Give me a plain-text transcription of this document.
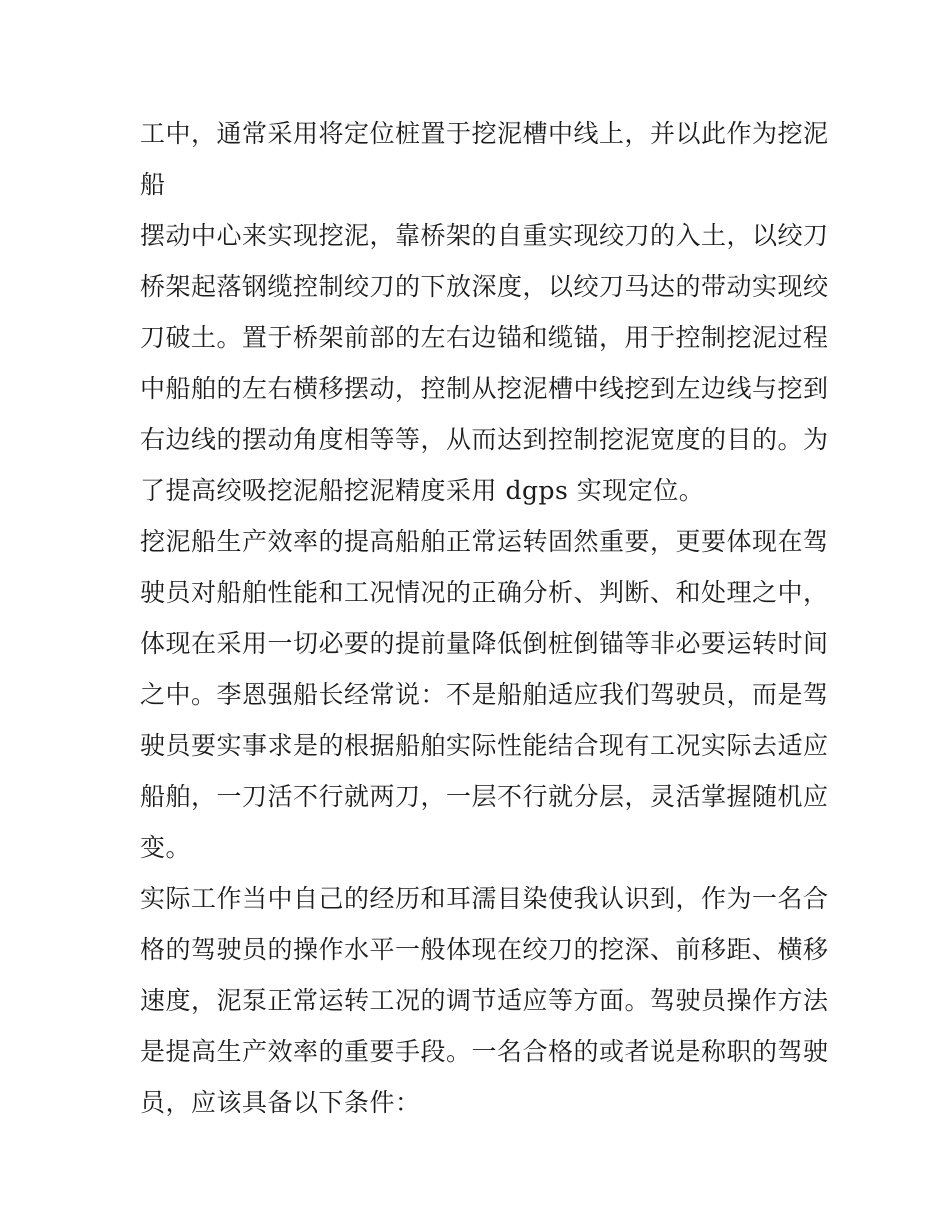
工中，通常采用将定位桩置于挖泥槽中线上，并以此作为挖泥
船
摆动中心来实现挖泥，靠桥架的自重实现绞刀的入土，以绞刀
桥架起落钢缆控制绞刀的下放深度，以绞刀马达的带动实现绞
刀破土。置于桥架前部的左右边锚和缆锚，用于控制挖泥过程
中船舶的左右横移摆动，控制从挖泥槽中线挖到左边线与挖到
右边线的摆动角度相等等，从而达到控制挖泥宽度的目的。为
了提高绞吸挖泥船挖泥精度采用 dgps 实现定位。
挖泥船生产效率的提高船舶正常运转固然重要，更要体现在驾
驶员对船舶性能和工况情况的正确分析、判断、和处理之中，
体现在采用一切必要的提前量降低倒桩倒锚等非必要运转时间
之中。李恩强船长经常说：不是船舶适应我们驾驶员，而是驾
驶员要实事求是的根据船舶实际性能结合现有工况实际去适应
船舶，一刀活不行就两刀，一层不行就分层，灵活掌握随机应
变。
实际工作当中自己的经历和耳濡目染使我认识到，作为一名合
格的驾驶员的操作水平一般体现在绞刀的挖深、前移距、横移
速度，泥泵正常运转工况的调节适应等方面。驾驶员操作方法
是提高生产效率的重要手段。一名合格的或者说是称职的驾驶
员，应该具备以下条件：
